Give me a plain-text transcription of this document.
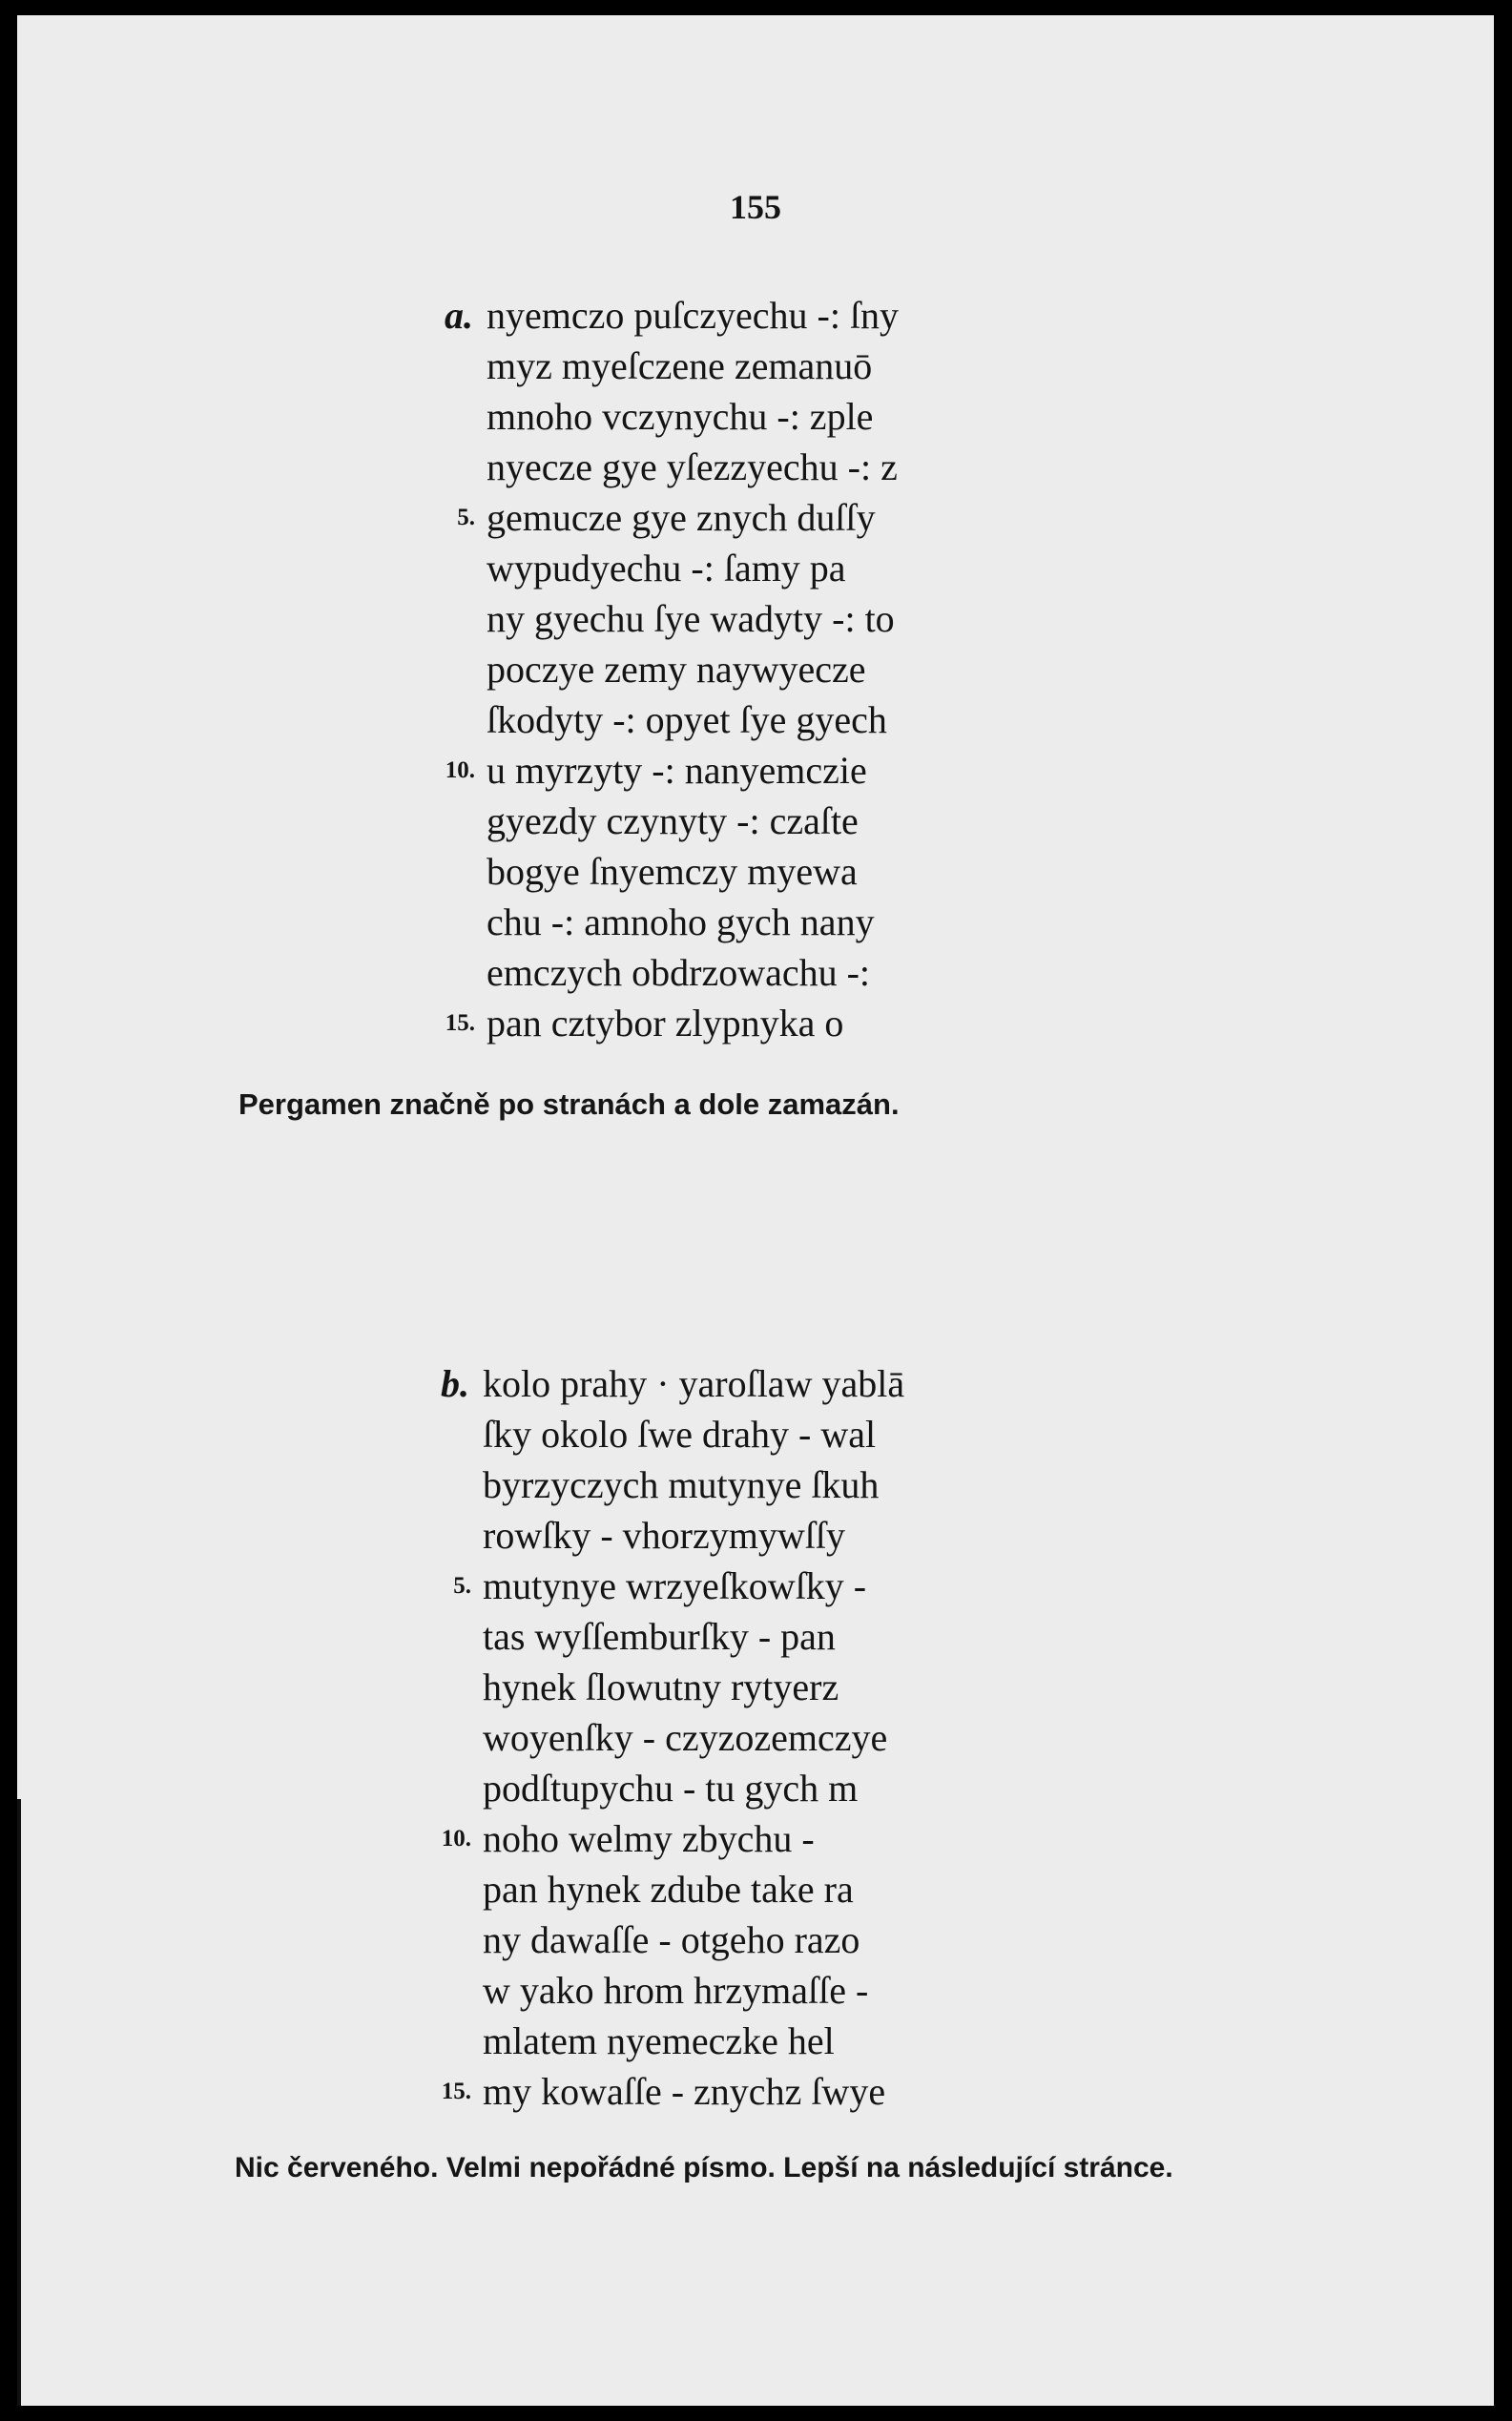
155
a. nyemczo puſczyechu -: ſny
myz myeſczene zemanuō
mnoho vczynychu -: zple
nyecze gye yſezzyechu -: z
5. gemucze gye znych duſſy
wypudyechu -: ſamy pa
ny gyechu ſye wadyty -: to
poczye zemy naywyecze
ſkodyty -: opyet ſye gyech
10. u myrzyty -: nanyemczie
gyezdy czynyty -: czaſte
bogye ſnyemczy myewa
chu -: amnoho gych nany
emczych obdrzowachu -:
15. pan cztybor zlypnyka o
Pergamen značně po stranách a dole zamazán.
b. kolo prahy · yaroſlaw yablā
ſky okolo ſwe drahy - wal
byrzyczych mutynye ſkuh
rowſky - vhorzymywſſy
5. mutynye wrzyeſkowſky -
tas wyſſemburſky - pan
hynek ſlowutny rytyerz
woyenſky - czyzozemczye
podſtupychu - tu gych m
10. noho welmy zbychu -
pan hynek zdube take ra
ny dawaſſe - otgeho razo
w yako hrom hrzymaſſe -
mlatem nyemeczke hel
15. my kowaſſe - znychz ſwye
Nic červeného. Velmi nepořádné písmo. Lepší na následující stránce.
